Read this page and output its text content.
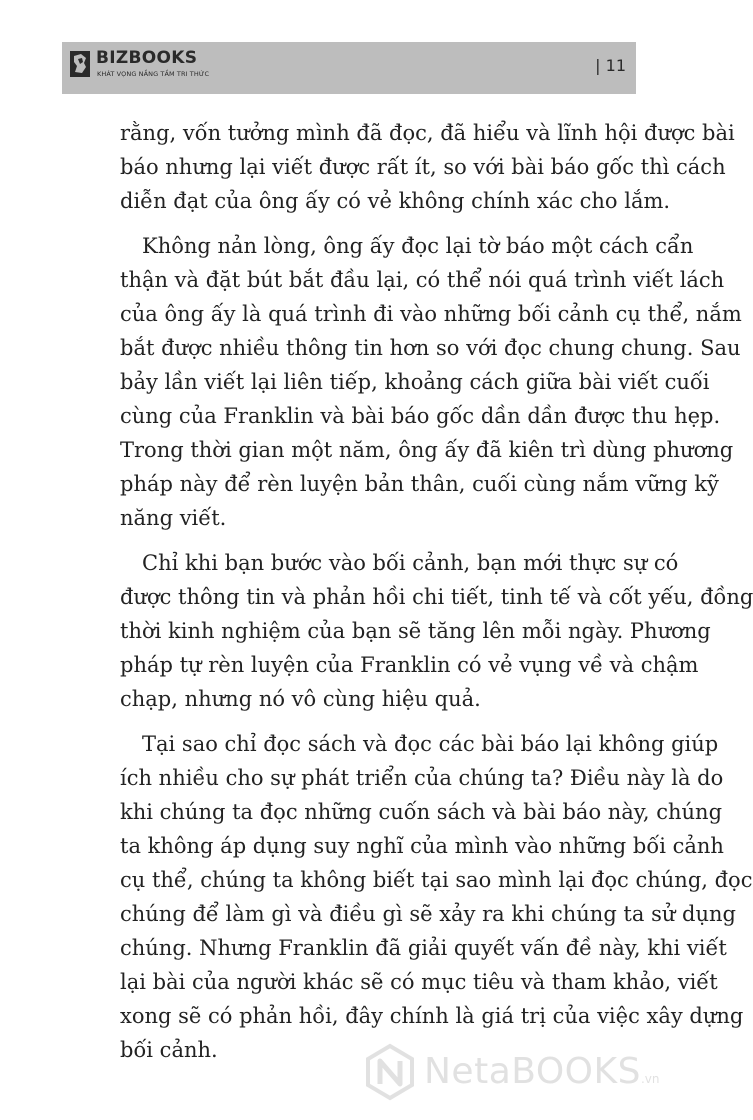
BIZBOOKS
KHÁT VỌNG NẮNG TẦM TRI THỨC	| 11
rằng, vốn tưởng mình đã đọc, đã hiểu và lĩnh hội được bài
báo nhưng lại viết được rất ít, so với bài báo gốc thì cách
diễn đạt của ông ấy có vẻ không chính xác cho lắm.
Không nản lòng, ông ấy đọc lại tờ báo một cách cẩn
thận và đặt bút bắt đầu lại, có thể nói quá trình viết lách
của ông ấy là quá trình đi vào những bối cảnh cụ thể, nắm
bắt được nhiều thông tin hơn so với đọc chung chung. Sau
bảy lần viết lại liên tiếp, khoảng cách giữa bài viết cuối
cùng của Franklin và bài báo gốc dần dần được thu hẹp.
Trong thời gian một năm, ông ấy đã kiên trì dùng phương
pháp này để rèn luyện bản thân, cuối cùng nắm vững kỹ
năng viết.
Chỉ khi bạn bước vào bối cảnh, bạn mới thực sự có
được thông tin và phản hồi chi tiết, tinh tế và cốt yếu, đồng
thời kinh nghiệm của bạn sẽ tăng lên mỗi ngày. Phương
pháp tự rèn luyện của Franklin có vẻ vụng về và chậm
chạp, nhưng nó vô cùng hiệu quả.
Tại sao chỉ đọc sách và đọc các bài báo lại không giúp
ích nhiều cho sự phát triển của chúng ta? Điều này là do
khi chúng ta đọc những cuốn sách và bài báo này, chúng
ta không áp dụng suy nghĩ của mình vào những bối cảnh
cụ thể, chúng ta không biết tại sao mình lại đọc chúng, đọc
chúng để làm gì và điều gì sẽ xảy ra khi chúng ta sử dụng
chúng. Nhưng Franklin đã giải quyết vấn đề này, khi viết
lại bài của người khác sẽ có mục tiêu và tham khảo, viết
xong sẽ có phản hồi, đây chính là giá trị của việc xây dựng
bối cảnh.
NetaBOOKS.vn
